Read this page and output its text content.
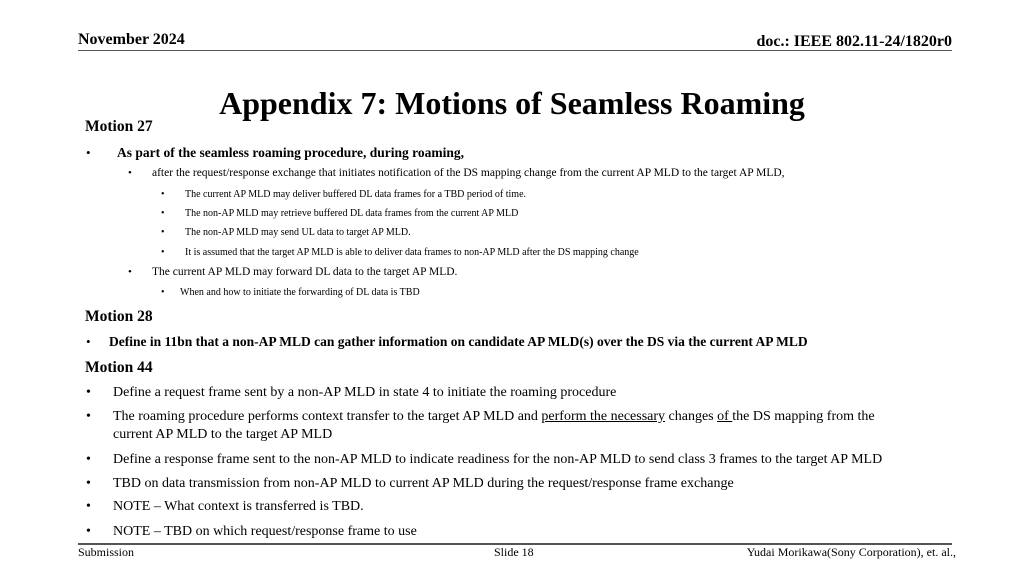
November 2024	doc.: IEEE 802.11-24/1820r0
Appendix 7: Motions of Seamless Roaming
Motion 27
• As part of the seamless roaming procedure, during roaming,
• after the request/response exchange that initiates notification of the DS mapping change from the current AP MLD to the target AP MLD,
• The current AP MLD may deliver buffered DL data frames for a TBD period of time.
• The non-AP MLD may retrieve buffered DL data frames from the current AP MLD
• The non-AP MLD may send UL data to target AP MLD.
• It is assumed that the target AP MLD is able to deliver data frames to non-AP MLD after the DS mapping change
• The current AP MLD may forward DL data to the target AP MLD.
• When and how to initiate the forwarding of DL data is TBD
Motion 28
• Define in 11bn that a non-AP MLD can gather information on candidate AP MLD(s) over the DS via the current AP MLD
Motion 44
• Define a request frame sent by a non-AP MLD in state 4 to initiate the roaming procedure
• The roaming procedure performs context transfer to the target AP MLD and perform the necessary changes of the DS mapping from the
current AP MLD to the target AP MLD
• Define a response frame sent to the non-AP MLD to indicate readiness for the non-AP MLD to send class 3 frames to the target AP MLD
• TBD on data transmission from non-AP MLD to current AP MLD during the request/response frame exchange
• NOTE – What context is transferred is TBD.
• NOTE – TBD on which request/response frame to use
Submission	Slide 18	Yudai Morikawa(Sony Corporation), et. al.,
